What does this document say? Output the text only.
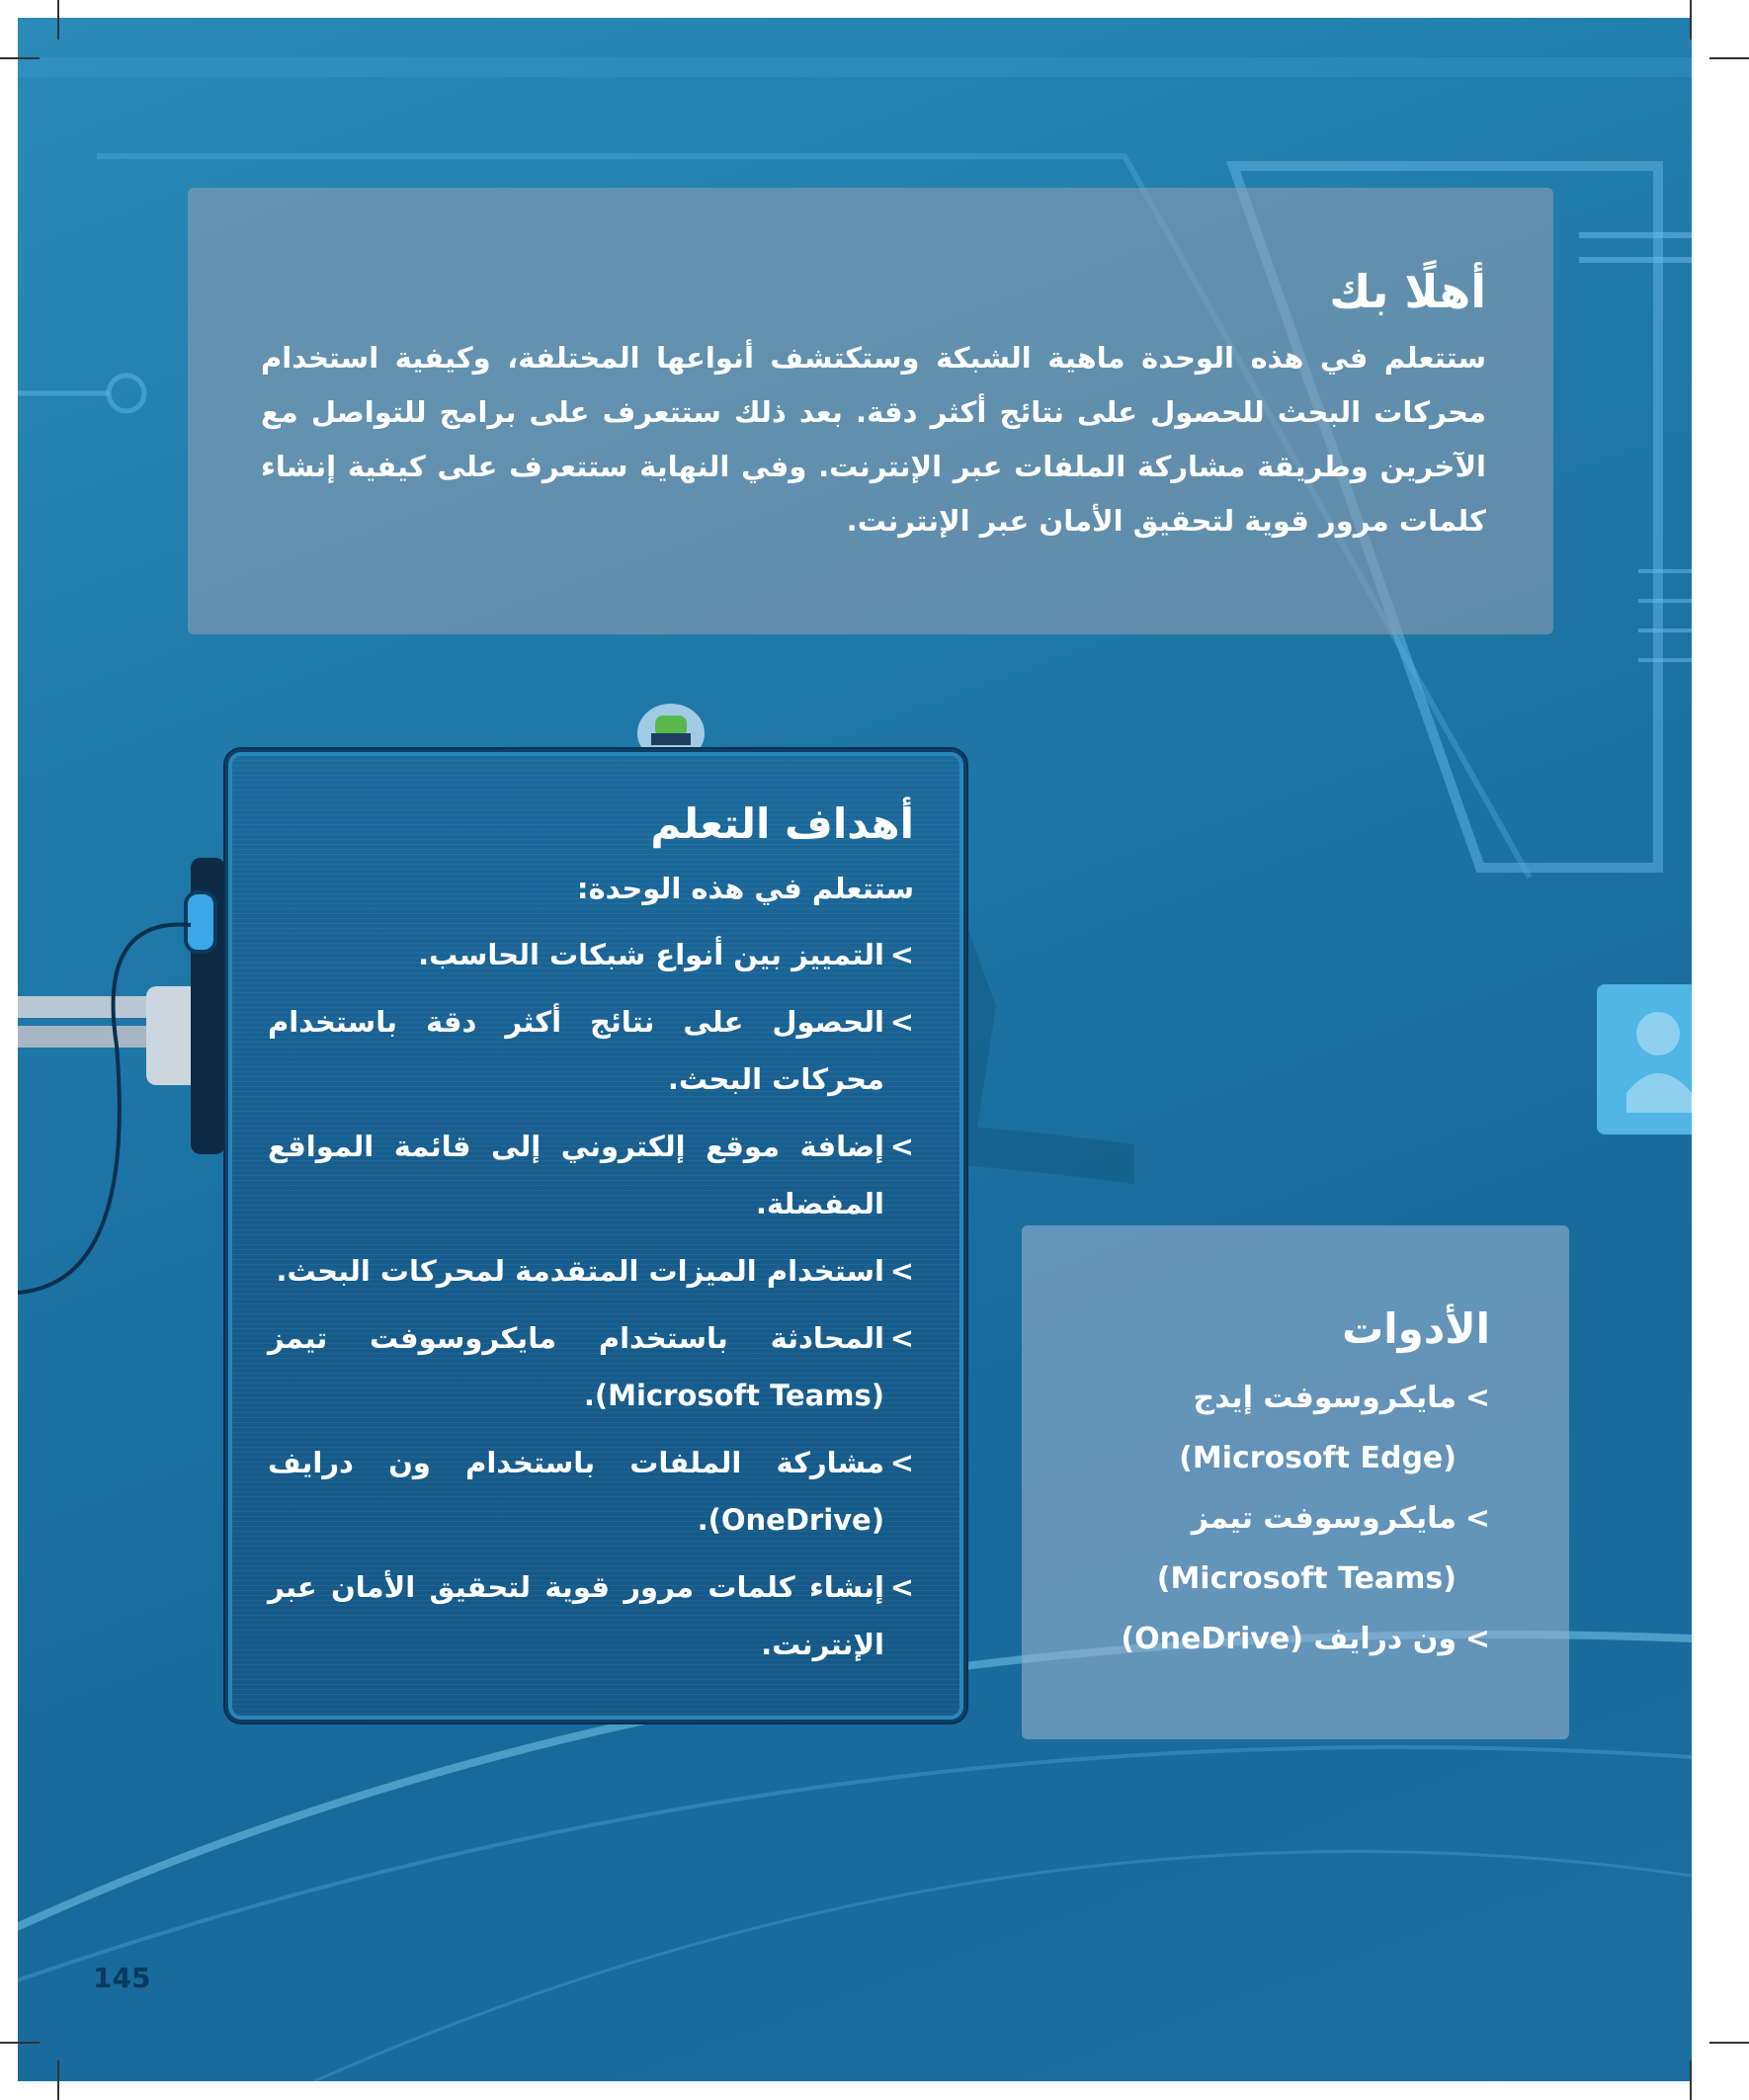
أهلًا بك

ستتعلم في هذه الوحدة ماهية الشبكة وستكتشف أنواعها المختلفة، وكيفية استخدام محركات البحث للحصول على نتائج أكثر دقة. بعد ذلك ستتعرف على برامج للتواصل مع الآخرين وطريقة مشاركة الملفات عبر الإنترنت. وفي النهاية ستتعرف على كيفية إنشاء كلمات مرور قوية لتحقيق الأمان عبر الإنترنت.

أهداف التعلم
ستتعلم في هذه الوحدة:
>
التمييز بين أنواع شبكات الحاسب.
>
الحصول على نتائج أكثر دقة باستخدام محركات البحث.
>
إضافة موقع إلكتروني إلى قائمة المواقع المفضلة.
>
استخدام الميزات المتقدمة لمحركات البحث.
>
المحادثة باستخدام مايكروسوفت تيمز (Microsoft Teams).
>
مشاركة الملفات باستخدام ون درايف (OneDrive).
>
إنشاء كلمات مرور قوية لتحقيق الأمان عبر الإنترنت.
الأدوات
>
مايكروسوفت إيدج (Microsoft Edge)
>
مايكروسوفت تيمز (Microsoft Teams)
>
ون درايف (OneDrive)
145
